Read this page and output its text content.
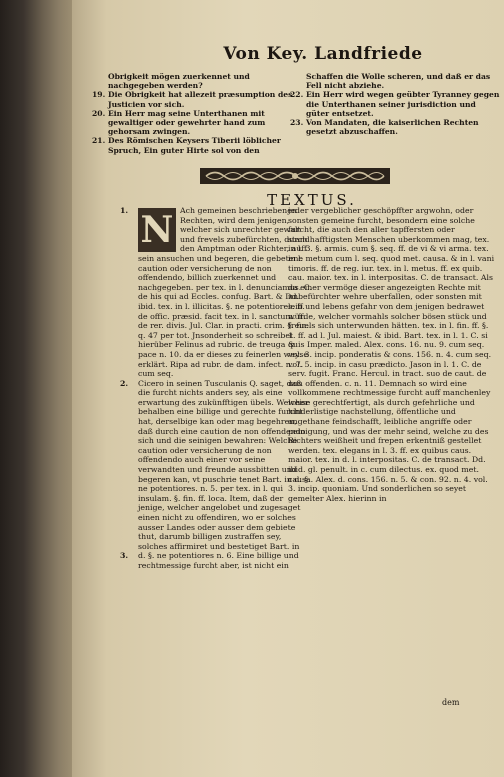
Von Key. Landfriede
Obrigkeit mögen zuerkennet und nachgegeben werden?
19. Die Obrigkeit hat allezeit præsumption des Justicien vor sich.
20. Ein Herr mag seine Unterthanen mit gewaltiger oder gewehrter hand zum gehorsam zwingen.
21. Des Römischen Keysers Tiberii löblicher Spruch, Ein guter Hirte sol von den
Schaffen die Wolle scheren, und daß er das Fell nicht abziehe.
22. Ein Herr wird wegen geübter Tyranney gegen die Unterthanen seiner jurisdiction und güter entsetzet.
23. Von Mandaten, die kaiserlichen Rechten gesetzt abzuschaffen.
TEXTUS.
1. N Ach gemeinen beschriebenen Rechten, wird dem jenigen, welcher sich unrechter gewalt und frevels zubefürchten, durch den Amptman oder Richter, auff sein ansuchen und begeren, die gebetene caution oder versicherung de non offendendo, billich zuerkennet und nachgegeben. per tex. in l. denunciamus. C. de his qui ad Eccles. confug. Bart. & Dd. ibid. tex. in l. illicitas. §. ne potentiores. ff. de offic. præsid. facit tex. in l. sanctum. ff. de rer. divis. Jul. Clar. in practi. crim. §. fin. q. 47 per tot. Jnsonderheit so schreibet hierüber Felinus ad rubric. de treuga & pace n. 10. da er dieses zu feinerlen weyse erklärt. Ripa ad rubr. de dam. infect. n. 7. cum seq.
2.	Cicero in seinen Tusculanis Q. saget, daß die furcht nichts anders sey, als eine erwartung des zukünfftigen übels. Welcher behalben eine billige und gerechte furcht hat, derselbige kan oder mag begehren, daß durch eine caution de non offendendo sich und die seinigen bewahren: Welche caution oder versicherung de non offendendo auch einer vor seine verwandten und freunde aussbitten und begeren kan, vt puschrie tenet Bart. in d. §. ne potentiores. n. 5. per tex. in l. qui insulam. §. fin. ff. loca. Item, daß der jenige, welcher angelobet und zugesaget einen nicht zu offendiren, wo er solches ausser Landes oder ausser dem gebiete thut, darumb billigen zustraffen sey, solches affirmiret und bestetiget Bart. in
3.	d. §. ne potentiores n. 6. Eine billige und rechtmessige furcht aber, ist nicht ein
jeder vergeblicher geschöpffter argwohn, oder sonsten gemeine furcht, besondern eine solche furcht, die auch den aller tapffersten oder standhafftigsten Menschen uberkommen mag, tex. in l. 3. §. armis. cum §. seq. ff. de vi & vi arma. tex. in l. metum cum l. seq. quod met. causa. & in l. vani timoris. ff. de reg. iur. tex. in l. metus. ff. ex quib. cau. maior. tex. in l. interpositas. C. de transact. Als da einer vermöge dieser angezeigten Rechte mit unbefürchter wehre uberfallen, oder sonsten mit leib und lebens gefahr von dem jenigen bedrawet würde, welcher vormahls solcher bösen stück und freuels sich unterwunden hätten. tex. in l. fin. ff. §. 1. ff. ad l. Jul. maiest. & ibid. Bart. tex. in l. 1. C. si quis Imper. maled. Alex. cons. 16. nu. 9. cum seq. vol. 3. incip. ponderatis & cons. 156. n. 4. cum seq. vol. 5. incip. in casu prædicto. Jason in l. 1. C. de serv. fugit. Franc. Hercul. in tract. suo de caut. de non offenden. c. n. 11. Demnach so wird eine vollkommene rechtmessige furcht auff manchenley weise gerechtfertigt, als durch gefehrliche und hinderlistige nachstellung, öffentliche und angethane feindschafft, leibliche angriffe oder peinigung, und was der mehr seind, welche zu des Richters weißheit und frepen erkentniß gestellet werden. tex. elegans in l. 3. ff. ex quibus caus. maior. tex. in d. l. interpositas. C. de transact. Dd. ibid. gl. penult. in c. cum dilectus. ex. quod met. causa. Alex. d. cons. 156. n. 5. & con. 92. n. 4. vol. 3. incip. quoniam. Und sonderlichen so seyet gemelter Alex. hierinn in
dem
